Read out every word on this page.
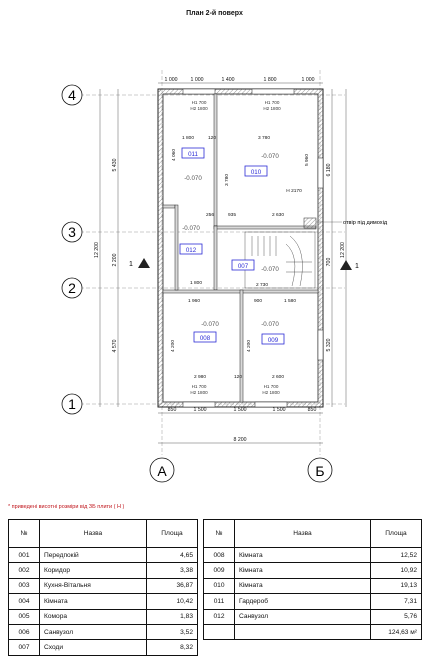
План 2-й поверх
отвір під димохід
4
3
2
1
А	Б
1 000	1 000	1 400	1 800	1 000
850	1 500	1 500	1 500	850
8 200
5 430
2 200
4 570
12 200
6 180
700
5 320
12 200
1 800	120	3 780
4 060	5 960
H 2170
3 780
256	935	2 630
1 960	1 580
2 730
2 980	2 600
4 200	4 200
120
1 800
900
H1 700
H2 1800
H1 700
H2 1800
H1 700
H2 1800
H1 700
H2 1800
011
-0.070
010
-0.070
012
-0.070
007 -0.070
008
-0.070
009
-0.070
1	1
* приведені висотні розміри від ЗБ плити ( Н )
№	Назва	Площа
001	Передпокій	4,65
002	Коридор	3,38
003	Кухня-Вітальня	36,87
004	Кімната	10,42
005	Комора	1,83
006	Санвузол	3,52
007	Сходи	8,32
№	Назва	Площа
008	Кімната	12,52
009	Кімната	10,92
010	Кімната	19,13
011	Гардероб	7,31
012	Санвузол	5,76
		124,63 м²
